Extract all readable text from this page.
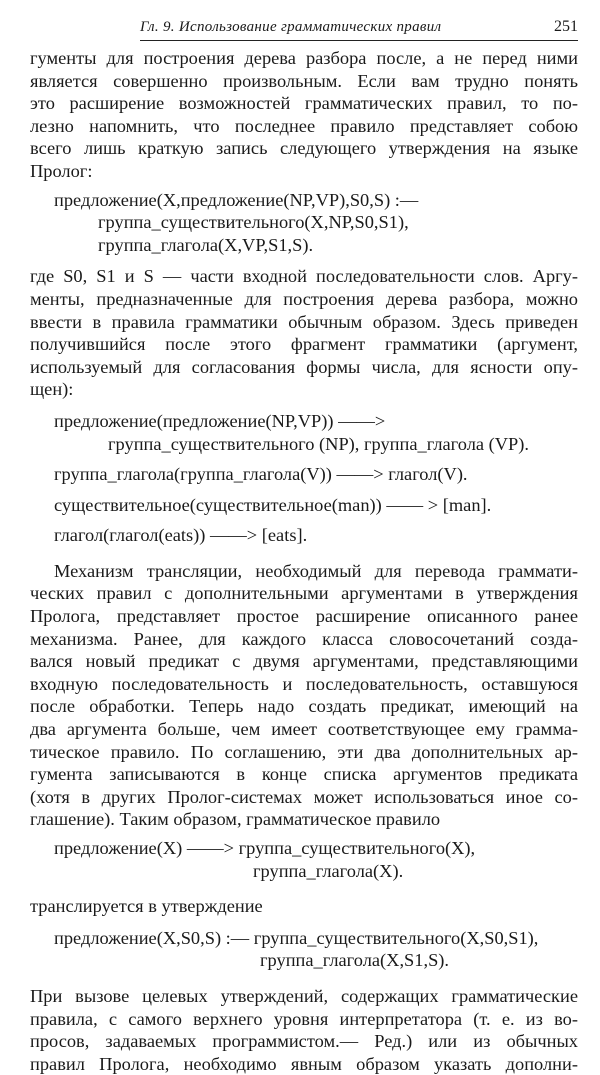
Гл. 9. Использование грамматических правил	251

гументы для построения дерева разбора после, а не перед ними

является совершенно произвольным. Если вам трудно понять

это расширение возможностей грамматических правил, то по-

лезно напомнить, что последнее правило представляет собою

всего лишь краткую запись следующего утверждения на языке

Пролог:

предложение(X,предложение(NP,VP),S0,S) :—

группа_существительного(X,NP,S0,S1),

группа_глагола(X,VP,S1,S).

где S0, S1 и S — части входной последовательности слов. Аргу-

менты, предназначенные для построения дерева разбора, можно

ввести в правила грамматики обычным образом. Здесь приведен

получившийся после этого фрагмент грамматики (аргумент,

используемый для согласования формы числа, для ясности опу-

щен):

предложение(предложение(NP,VP)) ——>

группа_существительного (NP), группа_глагола (VP).

группа_глагола(группа_глагола(V)) ——> глагол(V).

существительное(существительное(man)) —— > [man].

глагол(глагол(eats)) ——> [eats].

Механизм трансляции, необходимый для перевода граммати-

ческих правил с дополнительными аргументами в утверждения

Пролога, представляет простое расширение описанного ранее

механизма. Ранее, для каждого класса словосочетаний созда-

вался новый предикат с двумя аргументами, представляющими

входную последовательность и последовательность, оставшуюся

после обработки. Теперь надо создать предикат, имеющий на

два аргумента больше, чем имеет соответствующее ему грамма-

тическое правило. По соглашению, эти два дополнительных ар-

гумента записываются в конце списка аргументов предиката

(хотя в других Пролог-системах может использоваться иное со-

глашение). Таким образом, грамматическое правило

предложение(X) ——> группа_существительного(X),

группа_глагола(X).

транслируется в утверждение

предложение(X,S0,S) :— группа_существительного(X,S0,S1),

группа_глагола(X,S1,S).

При вызове целевых утверждений, содержащих грамматические

правила, с самого верхнего уровня интерпретатора (т. е. из во-

просов, задаваемых программистом.— Ред.) или из обычных

правил Пролога, необходимо явным образом указать дополни-
